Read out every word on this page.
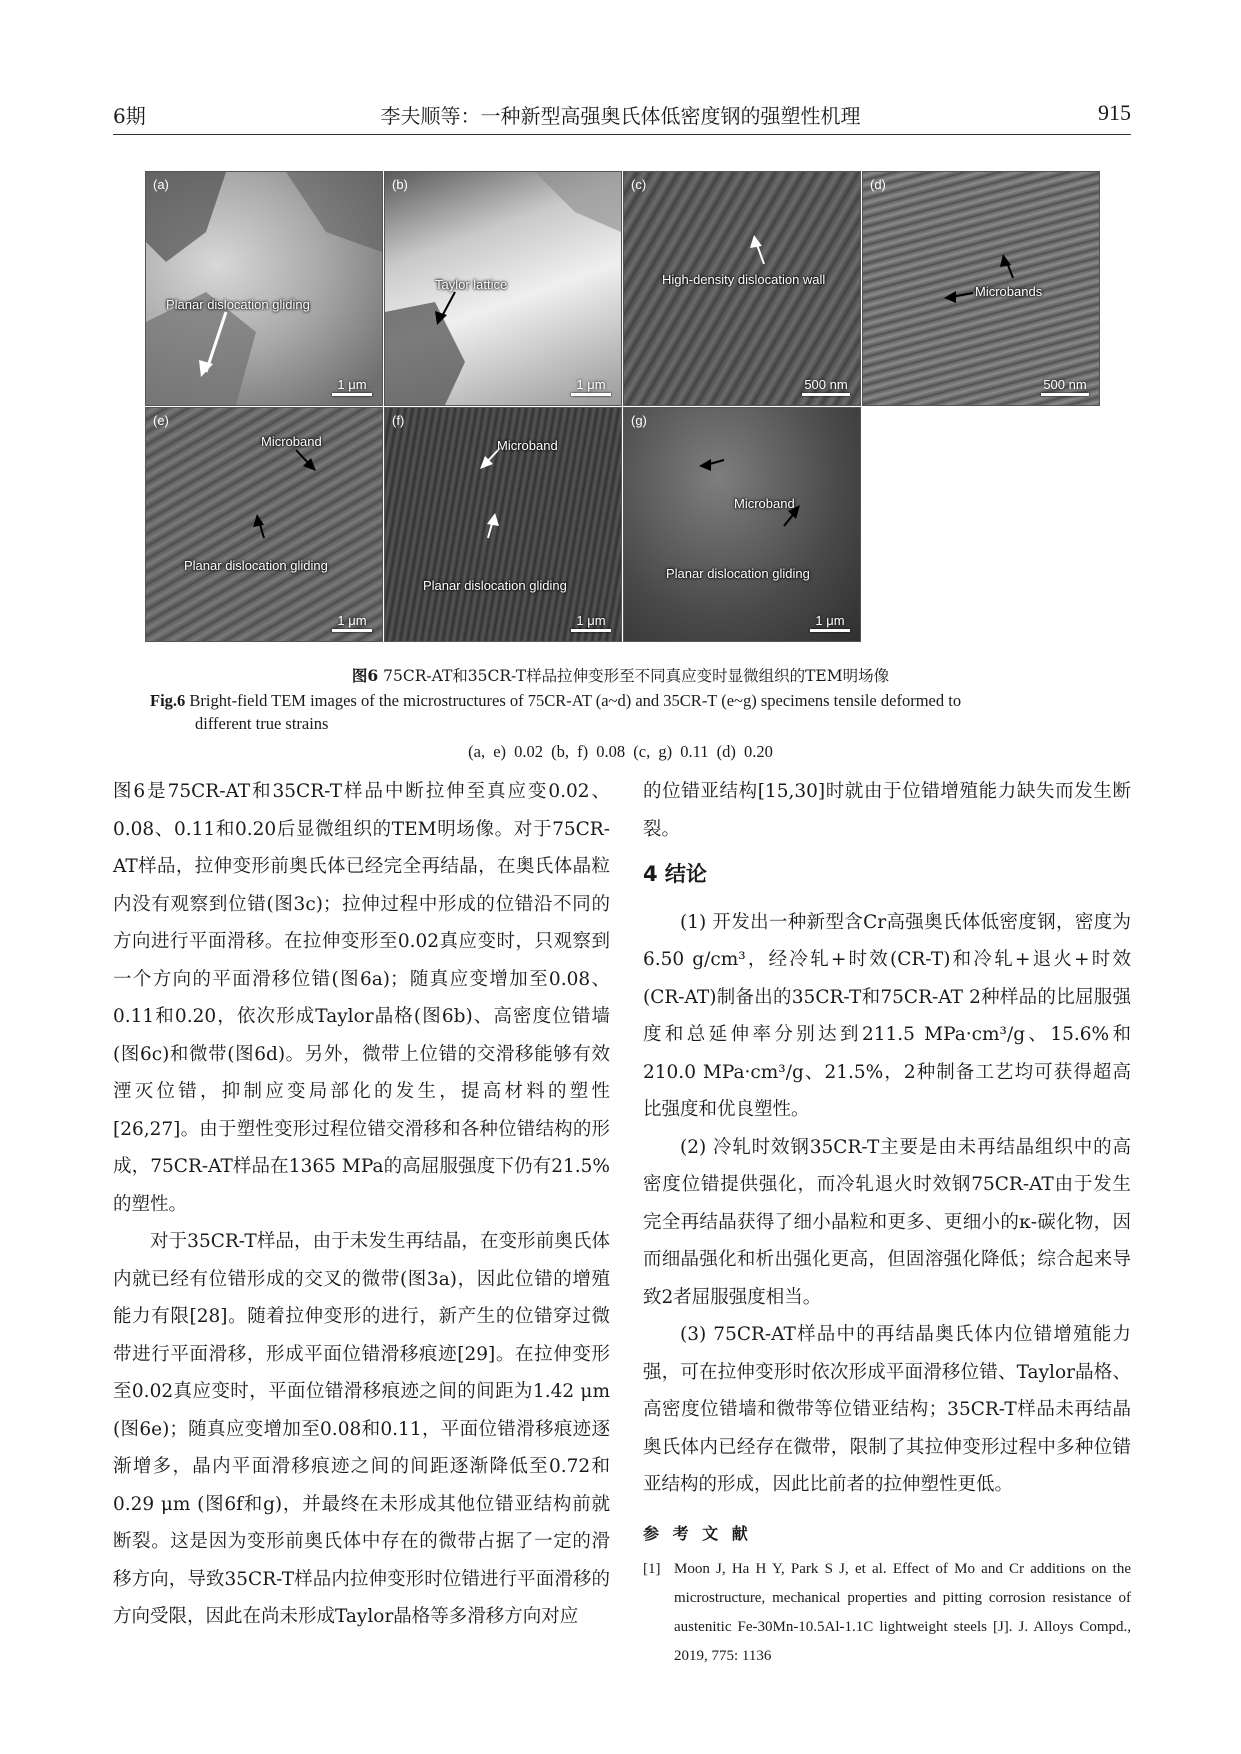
6期	李夫顺等：一种新型高强奥氏体低密度钢的强塑性机理	915
(a)
Planar dislocation gliding
1 μm
(b)
Taylor lattice
1 μm
(c)
High-density dislocation wall
500 nm
(d)
Microbands
500 nm
(e)
Microband
Planar dislocation gliding
1 μm
(f)
Microband
Planar dislocation gliding
1 μm
(g)
Microband
Planar dislocation gliding
1 μm
图6 75CR-AT和35CR-T样品拉伸变形至不同真应变时显微组织的TEM明场像
Fig.6 Bright-field TEM images of the microstructures of 75CR-AT (a~d) and 35CR-T (e~g) specimens tensile deformed to
different true strains
(a, e) 0.02 (b, f) 0.08 (c, g) 0.11 (d) 0.20

图6是75CR-AT和35CR-T样品中断拉伸至真应变0.02、0.08、0.11和0.20后显微组织的TEM明场像。对于75CR-AT样品，拉伸变形前奥氏体已经完全再结晶，在奥氏体晶粒内没有观察到位错(图3c)；拉伸过程中形成的位错沿不同的方向进行平面滑移。在拉伸变形至0.02真应变时，只观察到一个方向的平面滑移位错(图6a)；随真应变增加至0.08、0.11和0.20，依次形成Taylor晶格(图6b)、高密度位错墙(图6c)和微带(图6d)。另外，微带上位错的交滑移能够有效湮灭位错，抑制应变局部化的发生，提高材料的塑性[26,27]。由于塑性变形过程位错交滑移和各种位错结构的形成，75CR-AT样品在1365 MPa的高屈服强度下仍有21.5%的塑性。

对于35CR-T样品，由于未发生再结晶，在变形前奥氏体内就已经有位错形成的交叉的微带(图3a)，因此位错的增殖能力有限[28]。随着拉伸变形的进行，新产生的位错穿过微带进行平面滑移，形成平面位错滑移痕迹[29]。在拉伸变形至0.02真应变时，平面位错滑移痕迹之间的间距为1.42 μm (图6e)；随真应变增加至0.08和0.11，平面位错滑移痕迹逐渐增多，晶内平面滑移痕迹之间的间距逐渐降低至0.72和0.29 μm (图6f和g)，并最终在未形成其他位错亚结构前就断裂。这是因为变形前奥氏体中存在的微带占据了一定的滑移方向，导致35CR-T样品内拉伸变形时位错进行平面滑移的方向受限，因此在尚未形成Taylor晶格等多滑移方向对应

的位错亚结构[15,30]时就由于位错增殖能力缺失而发生断裂。

4 结论

(1) 开发出一种新型含Cr高强奥氏体低密度钢，密度为6.50 g/cm³，经冷轧+时效(CR-T)和冷轧+退火+时效(CR-AT)制备出的35CR-T和75CR-AT 2种样品的比屈服强度和总延伸率分别达到211.5 MPa·cm³/g、15.6%和210.0 MPa·cm³/g、21.5%，2种制备工艺均可获得超高比强度和优良塑性。

(2) 冷轧时效钢35CR-T主要是由未再结晶组织中的高密度位错提供强化，而冷轧退火时效钢75CR-AT由于发生完全再结晶获得了细小晶粒和更多、更细小的κ-碳化物，因而细晶强化和析出强化更高，但固溶强化降低；综合起来导致2者屈服强度相当。

(3) 75CR-AT样品中的再结晶奥氏体内位错增殖能力强，可在拉伸变形时依次形成平面滑移位错、Taylor晶格、高密度位错墙和微带等位错亚结构；35CR-T样品未再结晶奥氏体内已经存在微带，限制了其拉伸变形过程中多种位错亚结构的形成，因此比前者的拉伸塑性更低。

参 考 文 献
[1] Moon J, Ha H Y, Park S J, et al. Effect of Mo and Cr additions on the microstructure, mechanical properties and pitting corrosion resistance of austenitic Fe-30Mn-10.5Al-1.1C lightweight steels [J]. J. Alloys Compd., 2019, 775: 1136
